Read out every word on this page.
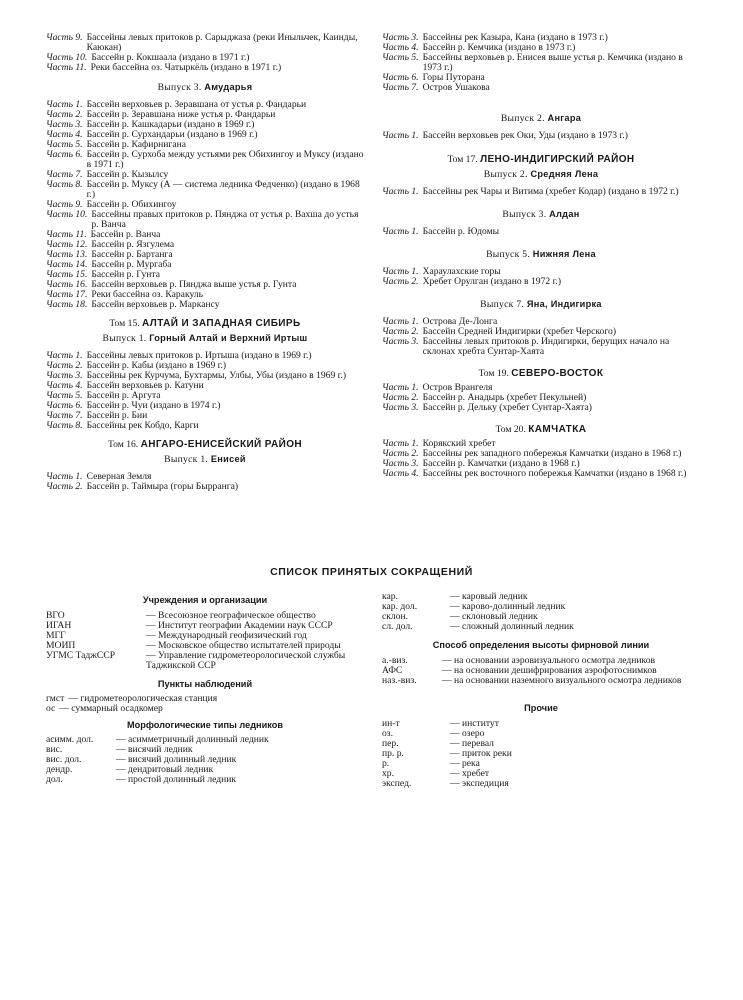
Часть 9. Бассейны левых притоков р. Сарыджаза (реки Иныльчек, Каинды, Каюкан)
Часть 10. Бассейн р. Кокшаала (издано в 1971 г.)
Часть 11. Реки бассейна оз. Чатыркёль (издано в 1971 г.)
Выпуск 3. Амударья
Часть 1. Бассейн верховьев р. Зеравшана от устья р. Фандарьи
Часть 2. Бассейн р. Зеравшана ниже устья р. Фандарьи
Часть 3. Бассейн р. Кашкадарьи (издано в 1969 г.)
Часть 4. Бассейн р. Сурхандарьи (издано в 1969 г.)
Часть 5. Бассейн р. Кафирнигана
Часть 6. Бассейн р. Сурхоба между устьями рек Обихингоу и Муксу (издано в 1971 г.)
Часть 7. Бассейн р. Кызылсу
Часть 8. Бассейн р. Муксу (А — система ледника Федченко) (издано в 1968 г.)
Часть 9. Бассейн р. Обихингоу
Часть 10. Бассейны правых притоков р. Пянджа от устья р. Вахша до устья р. Ванча
Часть 11. Бассейн р. Ванча
Часть 12. Бассейн р. Язгулема
Часть 13. Бассейн р. Бартанга
Часть 14. Бассейн р. Мургаба
Часть 15. Бассейн р. Гунта
Часть 16. Бассейн верховьев р. Пянджа выше устья р. Гунта
Часть 17. Реки бассейна оз. Каракуль
Часть 18. Бассейн верховьев р. Маркансу
Том 15. АЛТАЙ И ЗАПАДНАЯ СИБИРЬ
Выпуск 1. Горный Алтай и Верхний Иртыш
Часть 1. Бассейны левых притоков р. Иртыша (издано в 1969 г.)
Часть 2. Бассейн р. Кабы (издано в 1969 г.)
Часть 3. Бассейны рек Курчума, Бухтармы, Улбы, Убы (издано в 1969 г.)
Часть 4. Бассейн верховьев р. Катуни
Часть 5. Бассейн р. Аргута
Часть 6. Бассейн р. Чуи (издано в 1974 г.)
Часть 7. Бассейн р. Бии
Часть 8. Бассейны рек Кобдо, Карги
Том 16. АНГАРО-ЕНИСЕЙСКИЙ РАЙОН
Выпуск 1. Енисей
Часть 1. Северная Земля
Часть 2. Бассейн р. Таймыра (горы Бырранга)
Часть 3. Бассейны рек Казыра, Кана (издано в 1973 г.)
Часть 4. Бассейн р. Кемчика (издано в 1973 г.)
Часть 5. Бассейны верховьев р. Енисея выше устья р. Кемчика (издано в 1973 г.)
Часть 6. Горы Путорана
Часть 7. Остров Ушакова
Выпуск 2. Ангара
Часть 1. Бассейн верховьев рек Оки, Уды (издано в 1973 г.)
Том 17. ЛЕНО-ИНДИГИРСКИЙ РАЙОН
Выпуск 2. Средняя Лена
Часть 1. Бассейны рек Чары и Витима (хребет Кодар) (издано в 1972 г.)
Выпуск 3. Алдан
Часть 1. Бассейн р. Юдомы
Выпуск 5. Нижняя Лена
Часть 1. Хараулахские горы
Часть 2. Хребет Орулган (издано в 1972 г.)
Выпуск 7. Яна, Индигирка
Часть 1. Острова Де-Лонга
Часть 2. Бассейн Средней Индигирки (хребет Черского)
Часть 3. Бассейны левых притоков р. Индигирки, берущих начало на склонах хребта Сунтар-Хаята
Том 19. СЕВЕРО-ВОСТОК
Часть 1. Остров Врангеля
Часть 2. Бассейн р. Анадырь (хребет Пекульней)
Часть 3. Бассейн р. Дельку (хребет Сунтар-Хаята)
Том 20. КАМЧАТКА
Часть 1. Корякский хребет
Часть 2. Бассейны рек западного побережья Камчатки (издано в 1968 г.)
Часть 3. Бассейн р. Камчатки (издано в 1968 г.)
Часть 4. Бассейны рек восточного побережья Камчатки (издано в 1968 г.)
СПИСОК ПРИНЯТЫХ СОКРАЩЕНИЙ
Учреждения и организации
ВГО	— Всесоюзное географическое общество
ИГАН	— Институт географии Академии наук СССР
МГГ	— Международный геофизический год
МОИП	— Московское общество испытателей природы
УГМС ТаджССР	— Управление гидрометеорологической службы Таджикской ССР
Пункты наблюдений
гмст — гидрометеорологическая станция
ос — суммарный осадкомер
Морфологические типы ледников
асимм. дол.	— асимметричный долинный ледник
вис.	— висячий ледник
вис. дол.	— висячий долинный ледник
дендр.	— дендритовый ледник
дол.	— простой долинный ледник
кар.	— каровый ледник
кар. дол.	— карово-долинный ледник
склон.	— склоновый ледник
сл. дол.	— сложный долинный ледник
Способ определения высоты фирновой линии
а.-виз.	— на основании аэровизуального осмотра ледников
АФС	— на основании дешифрирования аэрофотоснимков
наз.-виз.	— на основании наземного визуального осмотра ледников
Прочие
ин-т	— институт
оз.	— озеро
пер.	— перевал
пр. р.	— приток реки
р.	— река
хр.	— хребет
экспед.	— экспедиция
